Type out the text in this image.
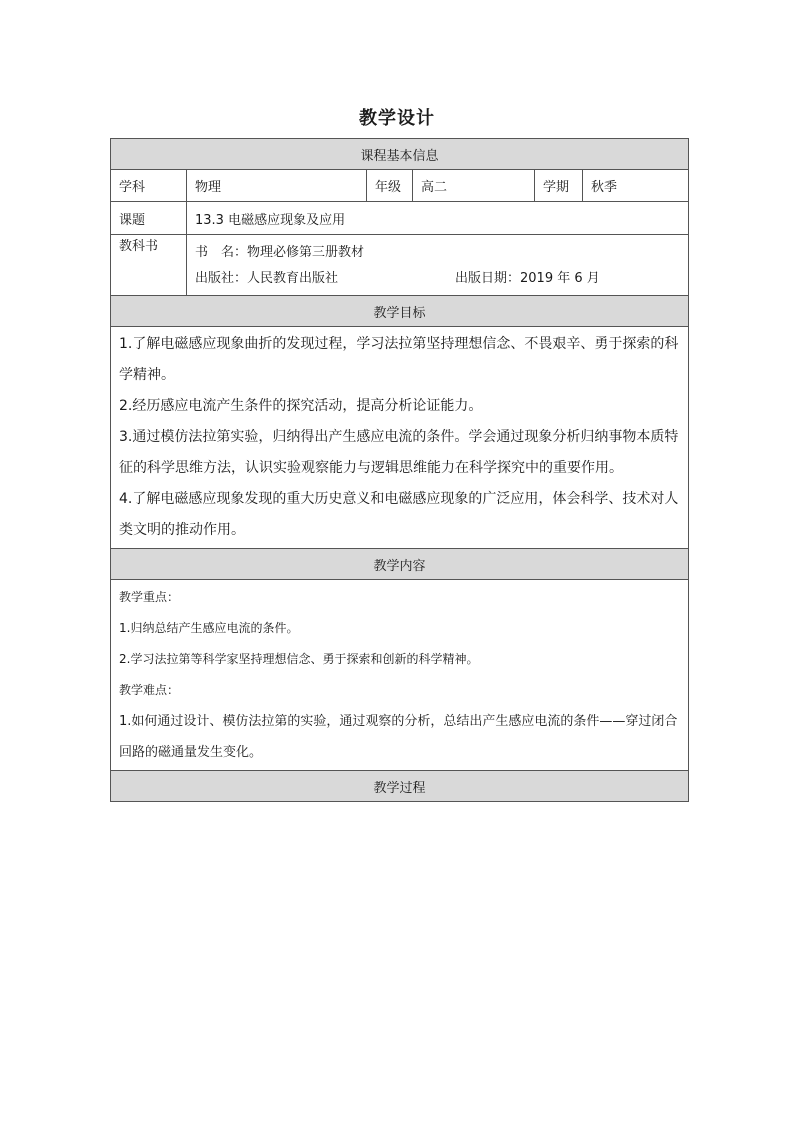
教学设计
课程基本信息					
学科	物理	年级	高二	学期	秋季
课题	13.3 电磁感应现象及应用				
教科书	书　名：物理必修第三册教材
出版社：人民教育出版社 出版日期：2019 年 6 月				

教学目标					

1.了解电磁感应现象曲折的发现过程，学习法拉第坚持理想信念、不畏艰辛、勇于探索的科学精神。

2.经历感应电流产生条件的探究活动，提高分析论证能力。

3.通过模仿法拉第实验，归纳得出产生感应电流的条件。学会通过现象分析归纳事物本质特征的科学思维方法，认识实验观察能力与逻辑思维能力在科学探究中的重要作用。

4.了解电磁感应现象发现的重大历史意义和电磁感应现象的广泛应用，体会科学、技术对人类文明的推动作用。					

教学内容					

教学重点：

1.归纳总结产生感应电流的条件。

2.学习法拉第等科学家坚持理想信念、勇于探索和创新的科学精神。

教学难点：

1.如何通过设计、模仿法拉第的实验，通过观察的分析，总结出产生感应电流的条件——穿过闭合回路的磁通量发生变化。					

教学过程					
